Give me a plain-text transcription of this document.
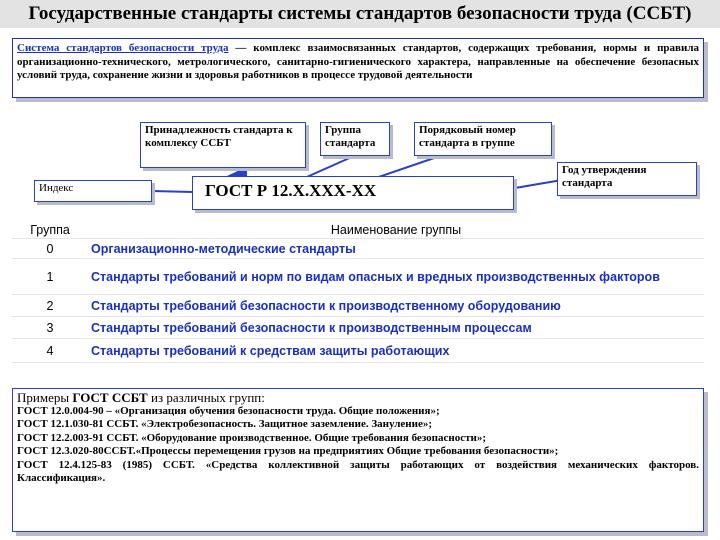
Государственные стандарты системы стандартов безопасности труда (ССБТ)
Система стандартов безопасности труда — комплекс взаимосвязанных стандартов, содержащих требования, нормы и правила организационно-технического, метрологического, санитарно-гигиенического характера, направленные на обеспечение безопасных условий труда, сохранение жизни и здоровья работников в процессе трудовой деятельности
Принадлежность стандарта к комплексу ССБТ
Группа стандарта
Порядковый номер стандарта в группе
Год утверждения стандарта
Индекс	ГОСТ Р 12.Х.ХХХ-ХХ
Группа	Наименование группы
0	Организационно-методические стандарты
1	Стандарты требований и норм по видам опасных и вредных производственных факторов
2	Стандарты требований безопасности к производственному оборудованию
3	Стандарты требований безопасности к производственным процессам
4	Стандарты требований к средствам защиты работающих
Примеры ГОСТ ССБТ из различных групп:

ГОСТ 12.0.004-90 – «Организация обучения безопасности труда. Общие положения»;

ГОСТ 12.1.030-81 ССБТ. «Электробезопасность. Защитное заземление. Зануление»;

ГОСТ 12.2.003-91 ССБТ. «Оборудование производственное. Общие требования безопасности»;

ГОСТ 12.3.020-80ССБТ.«Процессы перемещения грузов на предприятиях Общие требования безопасности»;

ГОСТ 12.4.125-83 (1985) ССБТ. «Средства коллективной защиты работающих от воздействия механических факторов. Классификация».
